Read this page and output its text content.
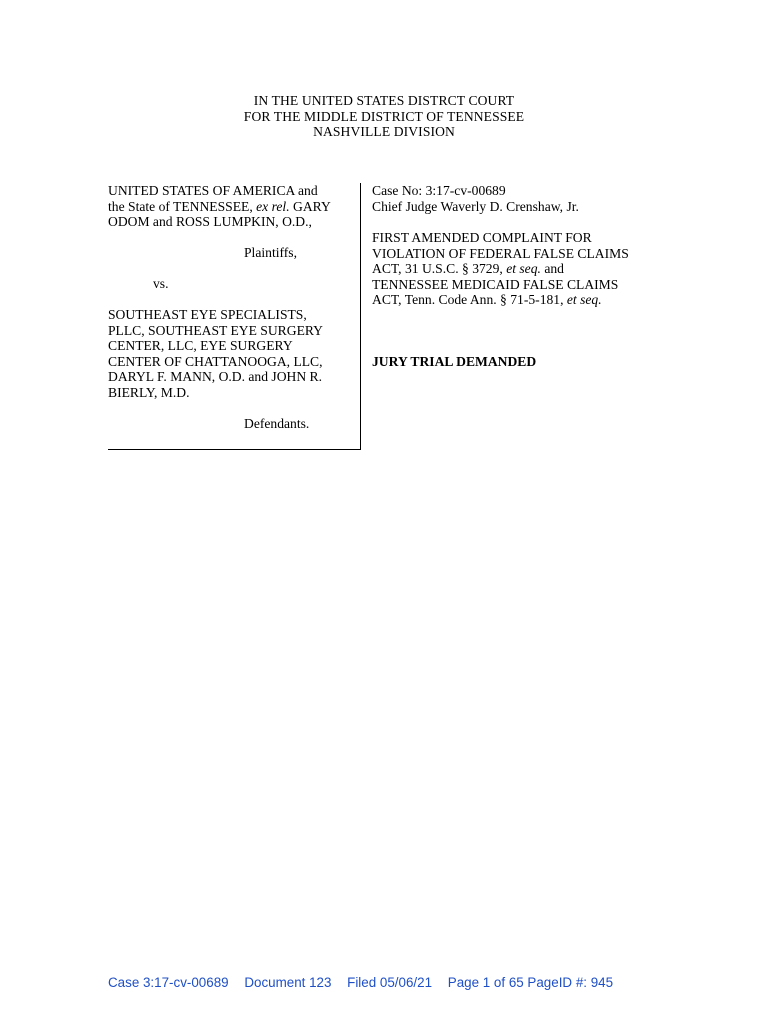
IN THE UNITED STATES DISTRCT COURT
FOR THE MIDDLE DISTRICT OF TENNESSEE
NASHVILLE DIVISION
UNITED STATES OF AMERICA and
the State of TENNESSEE, ex rel. GARY
ODOM and ROSS LUMPKIN, O.D.,
Plaintiffs,
vs.
SOUTHEAST EYE SPECIALISTS,
PLLC, SOUTHEAST EYE SURGERY
CENTER, LLC, EYE SURGERY
CENTER OF CHATTANOOGA, LLC,
DARYL F. MANN, O.D. and JOHN R.
BIERLY, M.D.
Defendants.
Case No: 3:17-cv-00689
Chief Judge Waverly D. Crenshaw, Jr.
FIRST AMENDED COMPLAINT FOR
VIOLATION OF FEDERAL FALSE CLAIMS
ACT, 31 U.S.C. § 3729, et seq. and
TENNESSEE MEDICAID FALSE CLAIMS
ACT, Tenn. Code Ann. § 71-5-181, et seq.
JURY TRIAL DEMANDED
Case 3:17-cv-00689 Document 123 Filed 05/06/21 Page 1 of 65 PageID #: 945
